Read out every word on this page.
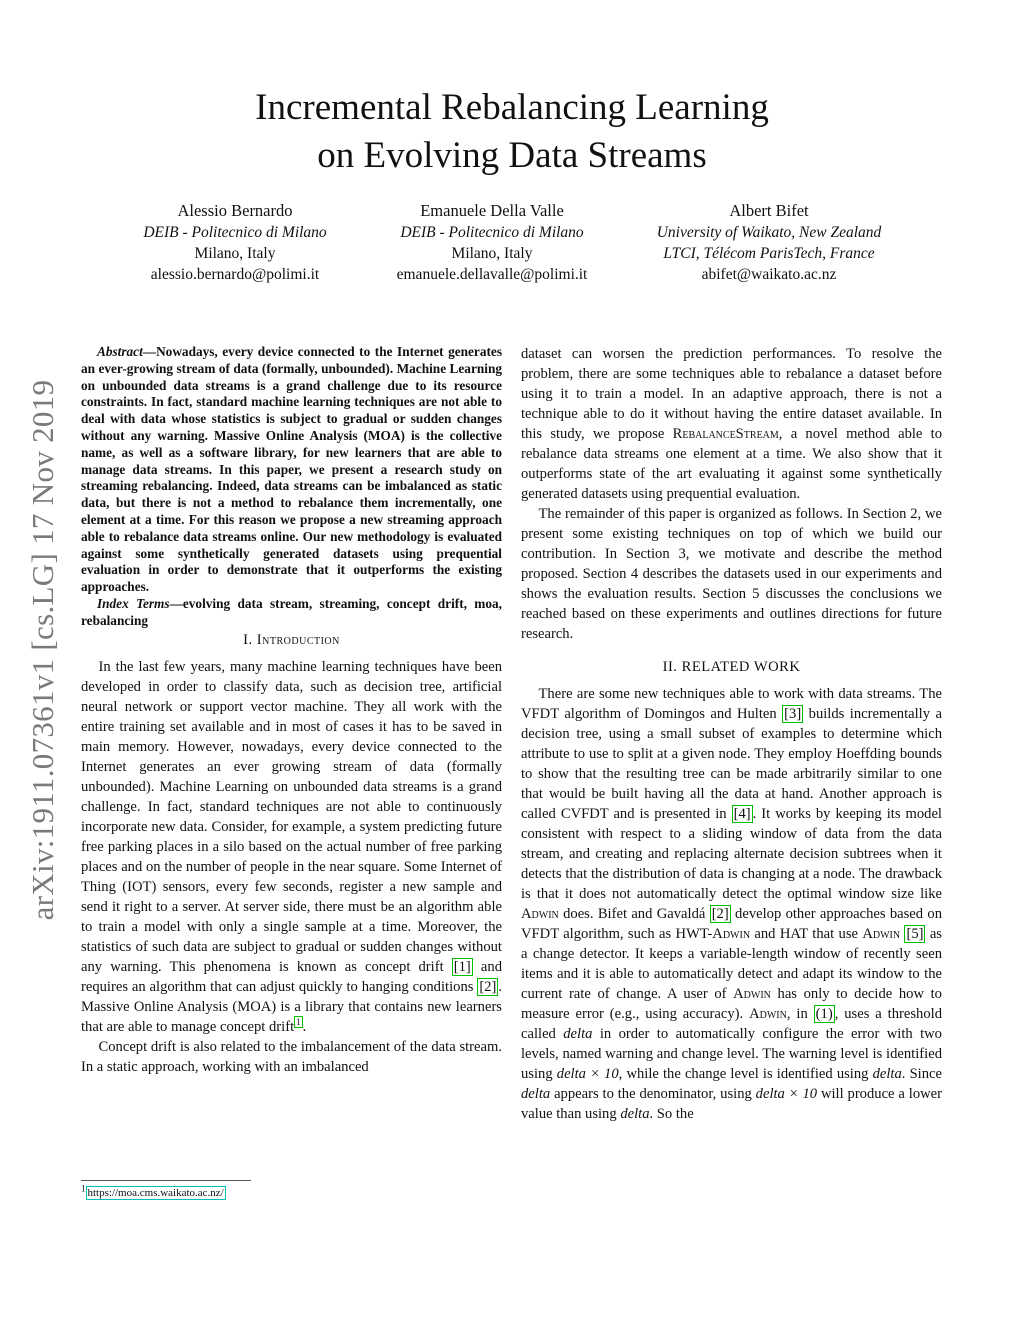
arXiv:1911.07361v1 [cs.LG] 17 Nov 2019
Incremental Rebalancing Learning
on Evolving Data Streams
Alessio Bernardo
DEIB - Politecnico di Milano
Milano, Italy
alessio.bernardo@polimi.it
Emanuele Della Valle
DEIB - Politecnico di Milano
Milano, Italy
emanuele.dellavalle@polimi.it
Albert Bifet
University of Waikato, New Zealand
LTCI, Télécom ParisTech, France
abifet@waikato.ac.nz

Abstract—Nowadays, every device connected to the Internet generates an ever-growing stream of data (formally, unbounded). Machine Learning on unbounded data streams is a grand challenge due to its resource constraints. In fact, standard machine learning techniques are not able to deal with data whose statistics is subject to gradual or sudden changes without any warning. Massive Online Analysis (MOA) is the collective name, as well as a software library, for new learners that are able to manage data streams. In this paper, we present a research study on streaming rebalancing. Indeed, data streams can be imbalanced as static data, but there is not a method to rebalance them incrementally, one element at a time. For this reason we propose a new streaming approach able to rebalance data streams online. Our new methodology is evaluated against some synthetically generated datasets using prequential evaluation in order to demonstrate that it outperforms the existing approaches.

Index Terms—evolving data stream, streaming, concept drift, moa, rebalancing

I. Introduction

In the last few years, many machine learning techniques have been developed in order to classify data, such as decision tree, artificial neural network or support vector machine. They all work with the entire training set available and in most of cases it has to be saved in main memory. However, nowadays, every device connected to the Internet generates an ever growing stream of data (formally unbounded). Machine Learning on unbounded data streams is a grand challenge. In fact, standard techniques are not able to continuously incorporate new data. Consider, for example, a system predicting future free parking places in a silo based on the actual number of free parking places and on the number of people in the near square. Some Internet of Thing (IOT) sensors, every few seconds, register a new sample and send it right to a server. At server side, there must be an algorithm able to train a model with only a single sample at a time. Moreover, the statistics of such data are subject to gradual or sudden changes without any warning. This phenomena is known as concept drift [1] and requires an algorithm that can adjust quickly to hanging conditions [2] . Massive Online Analysis (MOA) is a library that contains new learners that are able to manage concept drift $^1$ .

Concept drift is also related to the imbalancement of the data stream. In a static approach, working with an imbalanced

dataset can worsen the prediction performances. To resolve the problem, there are some techniques able to rebalance a dataset before using it to train a model. In an adaptive approach, there is not a technique able to do it without having the entire dataset available. In this study, we propose RebalanceStream, a novel method able to rebalance data streams one element at a time. We also show that it outperforms state of the art evaluating it against some synthetically generated datasets using prequential evaluation.

The remainder of this paper is organized as follows. In Section 2, we present some existing techniques on top of which we build our contribution. In Section 3, we motivate and describe the method proposed. Section 4 describes the datasets used in our experiments and shows the evaluation results. Section 5 discusses the conclusions we reached based on these experiments and outlines directions for future research.

II. RELATED WORK

There are some new techniques able to work with data streams. The VFDT algorithm of Domingos and Hulten [3] builds incrementally a decision tree, using a small subset of examples to determine which attribute to use to split at a given node. They employ Hoeffding bounds to show that the resulting tree can be made arbitrarily similar to one that would be built having all the data at hand. Another approach is called CVFDT and is presented in [4] . It works by keeping its model consistent with respect to a sliding window of data from the data stream, and creating and replacing alternate decision subtrees when it detects that the distribution of data is changing at a node. The drawback is that it does not automatically detect the optimal window size like Adwin does. Bifet and Gavaldá [2] develop other approaches based on VFDT algorithm, such as HWT-Adwin and HAT that use Adwin [5] as a change detector. It keeps a variable-length window of recently seen items and it is able to automatically detect and adapt its window to the current rate of change. A user of Adwin has only to decide how to measure error (e.g., using accuracy). Adwin, in (1) , uses a threshold called delta in order to automatically configure the error with two levels, named warning and change level. The warning level is identified using delta × 10, while the change level is identified using delta. Since delta appears to the denominator, using delta × 10 will produce a lower value than using delta. So the

$^1$ https://moa.cms.waikato.ac.nz/
